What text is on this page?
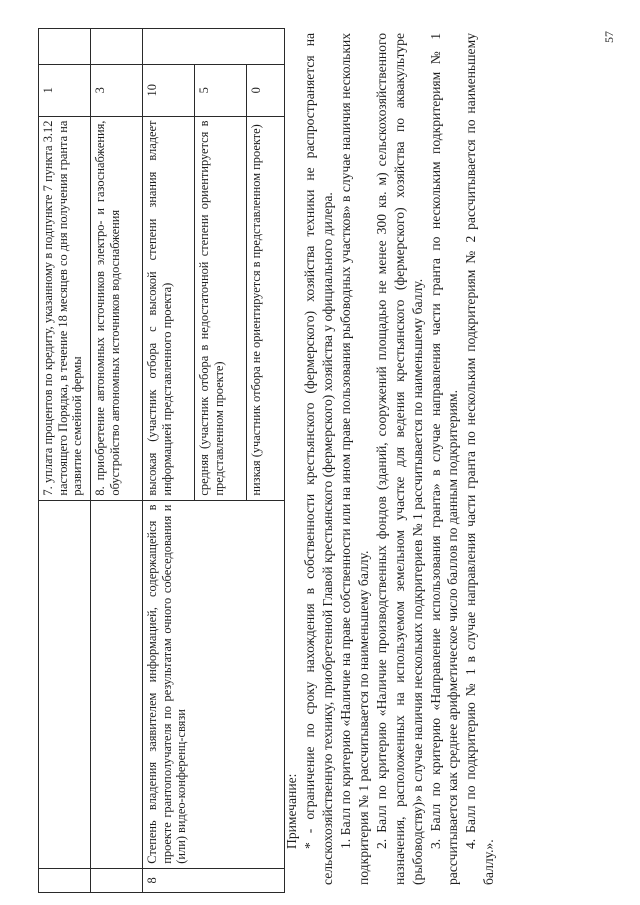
		7. уплата процентов по кредиту, указанному в подпункте 7 пункта 3.12 настоящего Порядка, в течение 18 месяцев со дня получения гранта на развитие семейной фермы	1	
		8. приобретение автономных источников электро- и газоснабжения, обустройство автономных источников водоснабжения	3	
8	Степень владения заявителем информацией, содержащейся в проекте грантополучателя по результатам очного собеседования и (или) видео-конференц-связи	высокая (участник отбора с высокой степени знания владеет информацией представленного проекта)	10	
		средняя (участник отбора в недостаточной степени ориентируется в представленном проекте)	5	
		низкая (участник отбора не ориентируется в представленном проекте)	0	

Примечание: * - ограничение по сроку нахождения в собственности крестьянского (фермерского) хозяйства техники не распространяется на сельскохозяйственную технику, приобретенной Главой крестьянского (фермерского) хозяйства у официального дилера. 1. Балл по критерию «Наличие на праве собственности или на ином праве пользования рыбоводных участков» в случае наличия нескольких подкритерия № 1 рассчитывается по наименьшему баллу. 2. Балл по критерию «Наличие производственных фондов (зданий, сооружений площадью не менее 300 кв. м) сельскохозяйственного назначения, расположенных на используемом земельном участке для ведения крестьянского (фермерского) хозяйства по аквакультуре (рыбоводству)» в случае наличия нескольких подкритериев № 1 рассчитывается по наименьшему баллу. 3. Балл по критерию «Направление использования гранта» в случае направления части гранта по нескольким подкритериям № 1 рассчитывается как среднее арифметическое число баллов по данным подкритериям. 4. Балл по подкритерию № 1 в случае направления части гранта по нескольким подкритериям № 2 рассчитывается по наименьшему баллу.».

57
